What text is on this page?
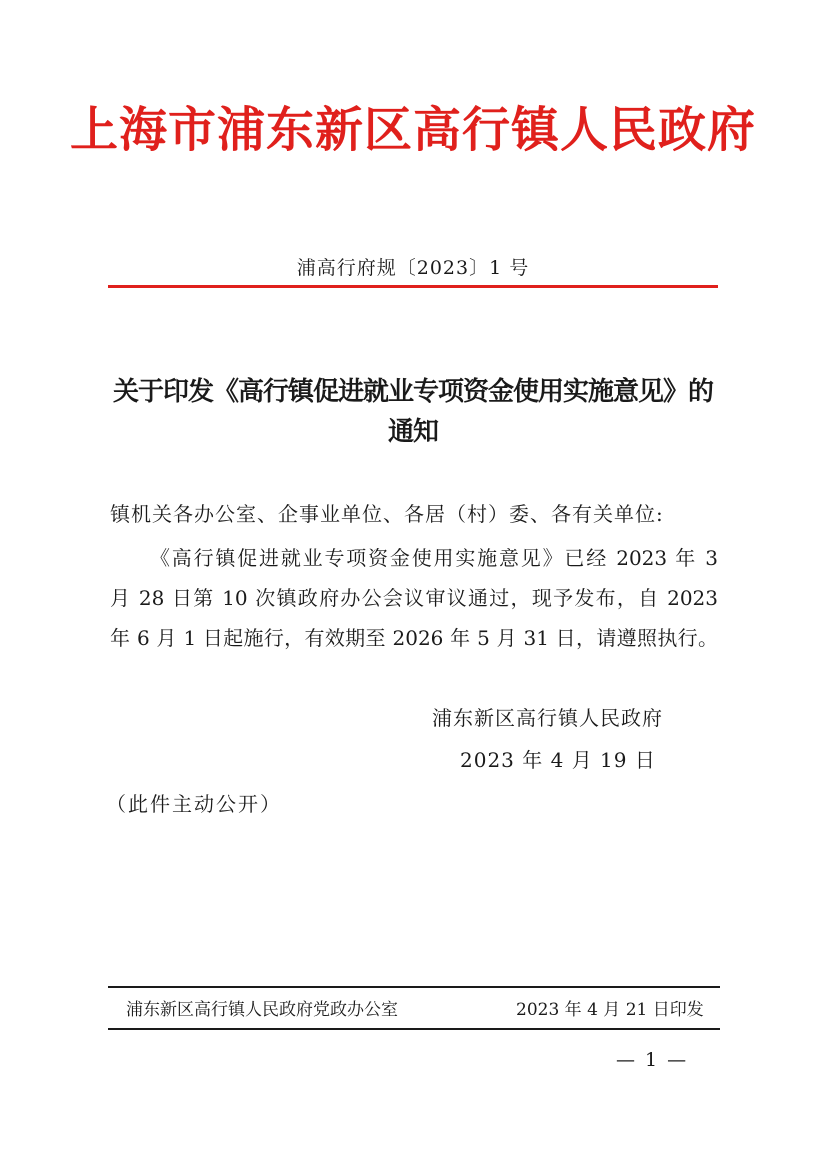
上海市浦东新区高行镇人民政府
浦高行府规〔2023〕1 号
关于印发《高行镇促进就业专项资金使用实施意见》的
通知
镇机关各办公室、企事业单位、各居（村）委、各有关单位:
《高行镇促进就业专项资金使用实施意见》已经 2023 年 3
月 28 日第 10 次镇政府办公会议审议通过，现予发布，自 2023
年 6 月 1 日起施行，有效期至 2026 年 5 月 31 日，请遵照执行。
浦东新区高行镇人民政府
2023 年 4 月 19 日
（此件主动公开）
浦东新区高行镇人民政府党政办公室	2023 年 4 月 21 日印发
— 1 —
